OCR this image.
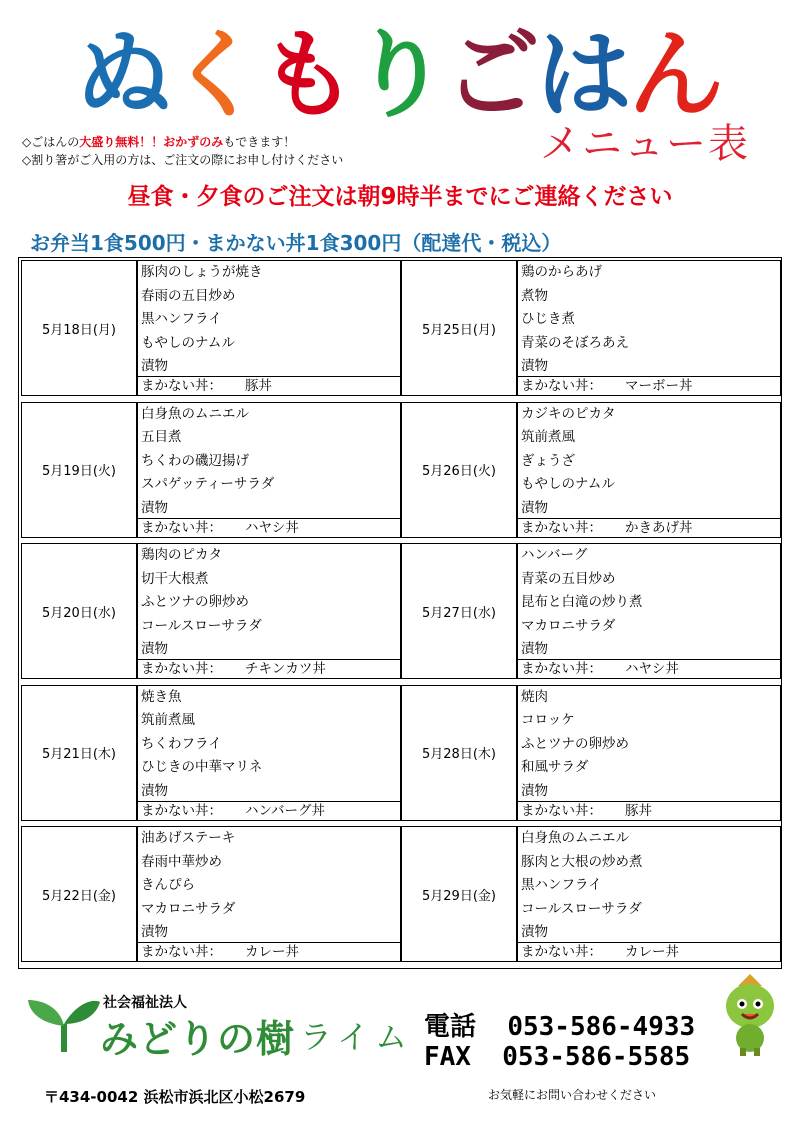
ぬくもりごはん
メニュー表
◇ごはんの大盛り無料！！おかずのみもできます！
◇割り箸がご入用の方は、ご注文の際にお申し付けください
昼食・夕食のご注文は朝9時半までにご連絡ください
お弁当1食500円・まかない丼1食300円（配達代・税込）
5月18日(月)
豚肉のしょうが焼き
春雨の五目炒め
黒ハンフライ
もやしのナムル
漬物
まかない丼： 豚丼
5月25日(月)
鶏のからあげ
煮物
ひじき煮
青菜のそぼろあえ
漬物
まかない丼： マーボー丼
5月19日(火)
白身魚のムニエル
五目煮
ちくわの磯辺揚げ
スパゲッティーサラダ
漬物
まかない丼： ハヤシ丼
5月26日(火)
カジキのピカタ
筑前煮風
ぎょうざ
もやしのナムル
漬物
まかない丼： かきあげ丼
5月20日(水)
鶏肉のピカタ
切干大根煮
ふとツナの卵炒め
コールスローサラダ
漬物
まかない丼： チキンカツ丼
5月27日(水)
ハンバーグ
青菜の五目炒め
昆布と白滝の炒り煮
マカロニサラダ
漬物
まかない丼： ハヤシ丼
5月21日(木)
焼き魚
筑前煮風
ちくわフライ
ひじきの中華マリネ
漬物
まかない丼： ハンバーグ丼
5月28日(木)
焼肉
コロッケ
ふとツナの卵炒め
和風サラダ
漬物
まかない丼： 豚丼
5月22日(金)
油あげステーキ
春雨中華炒め
きんぴら
マカロニサラダ
漬物
まかない丼： カレー丼
5月29日(金)
白身魚のムニエル
豚肉と大根の炒め煮
黒ハンフライ
コールスローサラダ
漬物
まかない丼： カレー丼
社会福祉法人
みどりの樹 ライム 電話 053-586-4933
FAX 053-586-5585
〒434-0042 浜松市浜北区小松2679	お気軽にお問い合わせください
